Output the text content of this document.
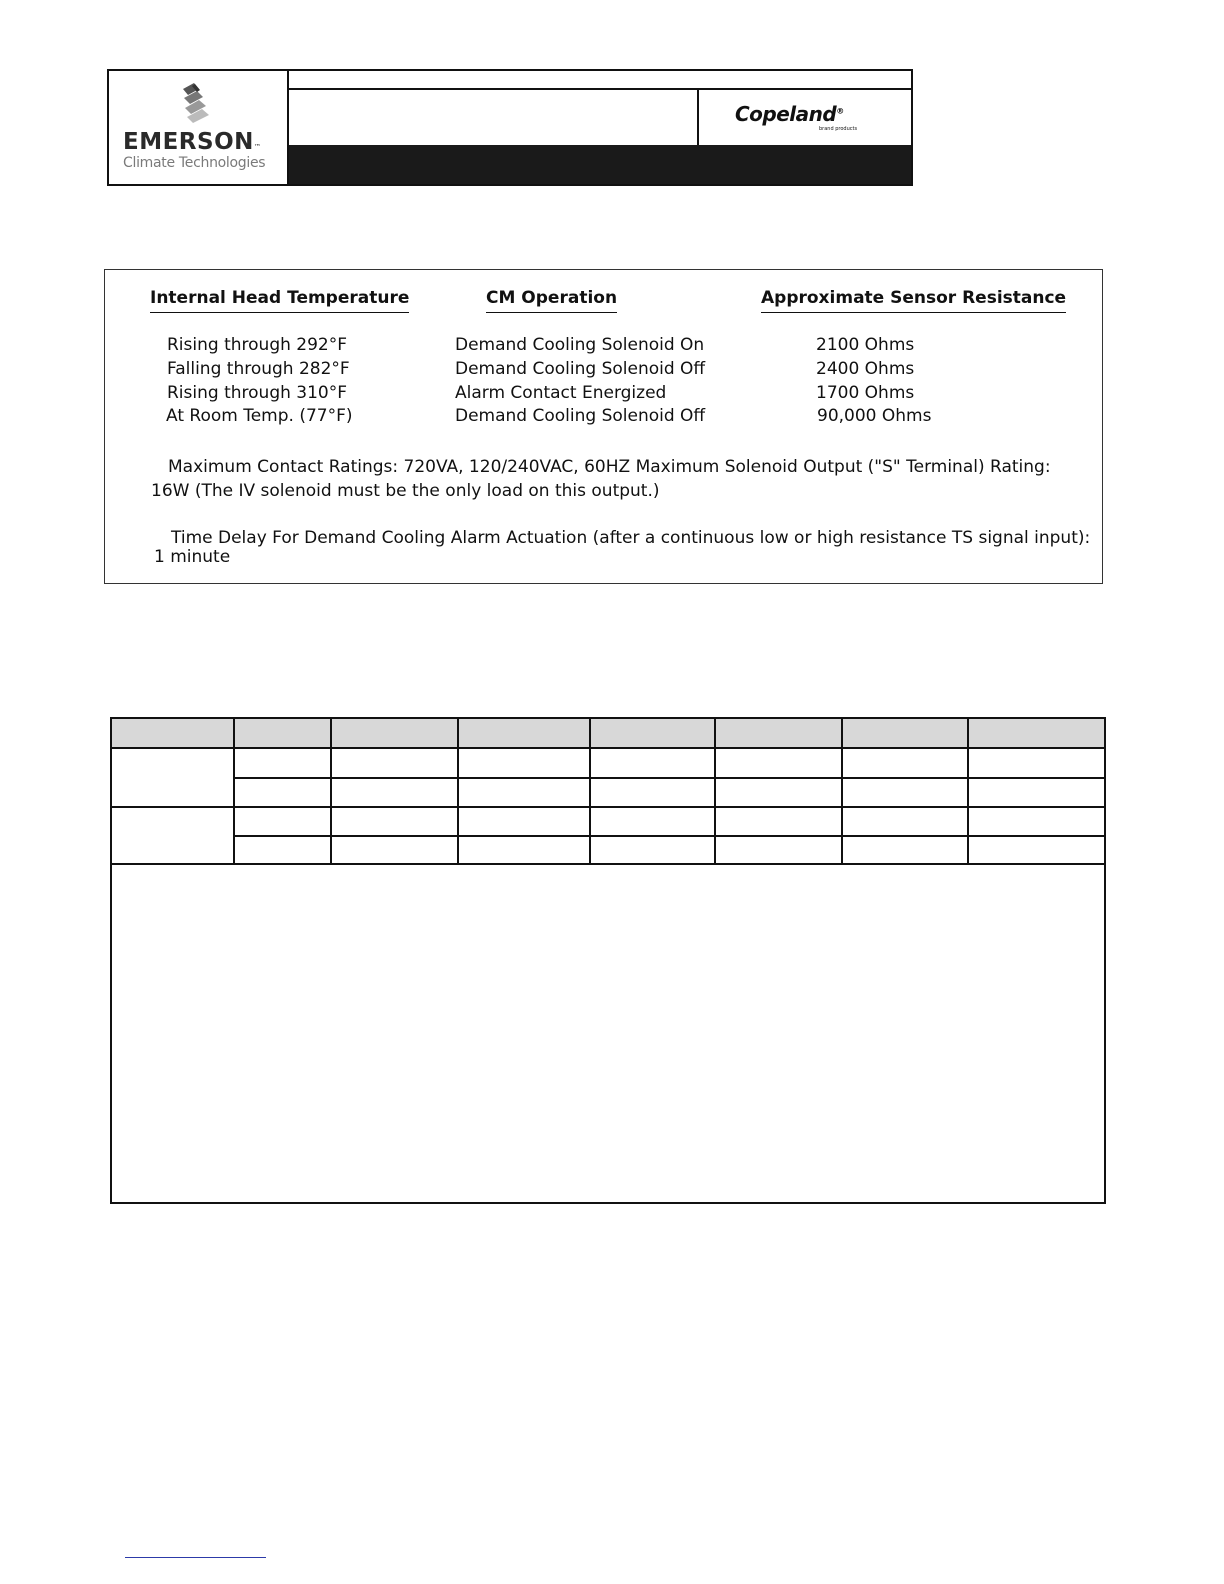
EMERSON™
Climate Technologies
Copeland®
brand products
Internal Head Temperature	CM Operation	Approximate Sensor Resistance
Rising through 292°F	Demand Cooling Solenoid On	2100 Ohms
Falling through 282°F	Demand Cooling Solenoid Off	2400 Ohms
Rising through 310°F	Alarm Contact Energized	1700 Ohms
At Room Temp. (77°F)	Demand Cooling Solenoid Off	90,000 Ohms
Maximum Contact Ratings: 720VA, 120/240VAC, 60HZ Maximum Solenoid Output ("S" Terminal) Rating:
16W (The IV solenoid must be the only load on this output.)
Time Delay For Demand Cooling Alarm Actuation (after a continuous low or high resistance TS signal input):
1 minute
